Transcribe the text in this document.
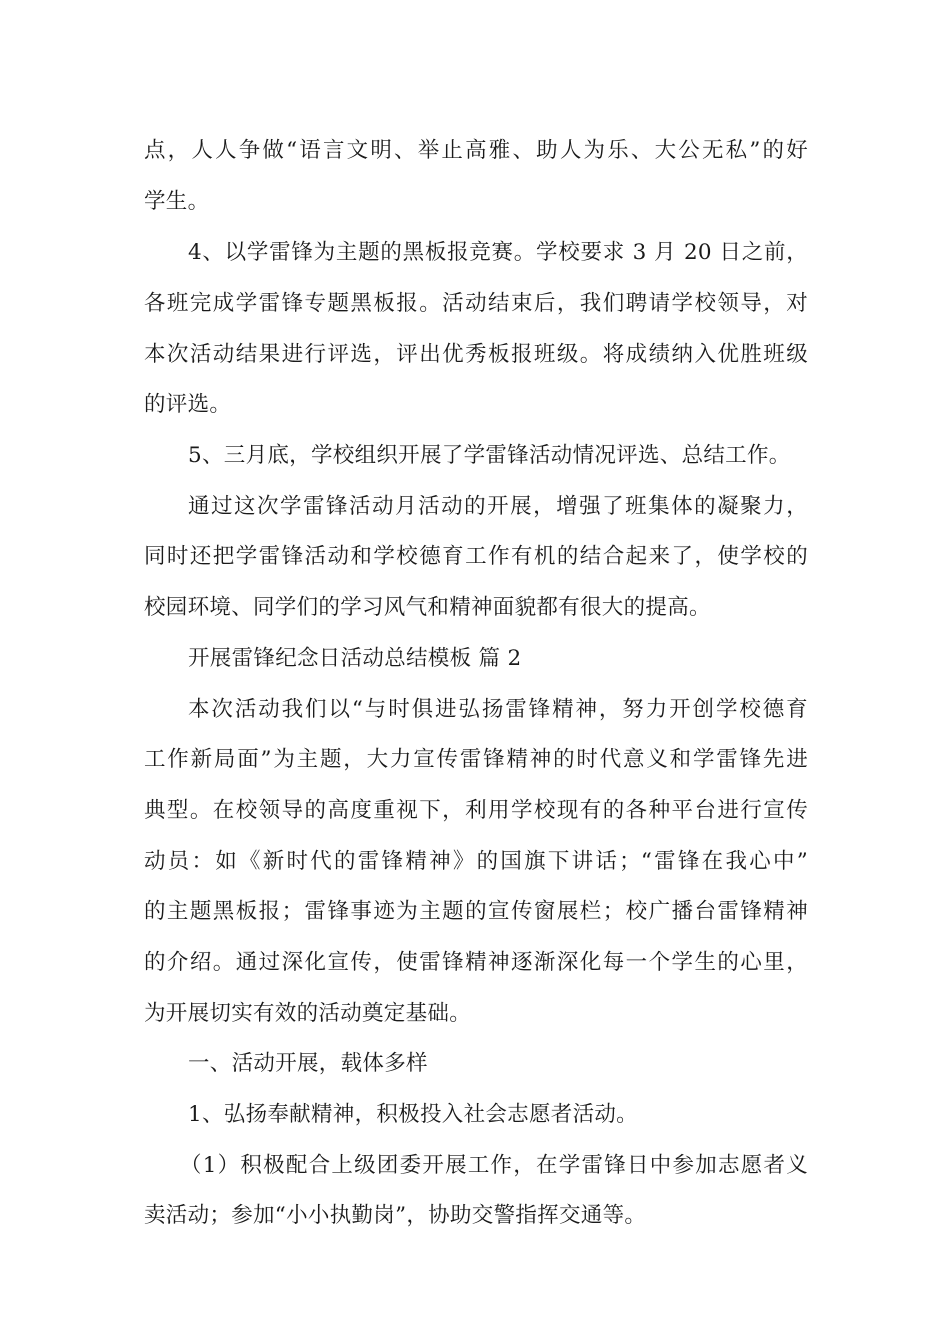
点，人人争做“语言文明、举止高雅、助人为乐、大公无私”的好
学生。
4、以学雷锋为主题的黑板报竞赛。学校要求 3 月 20 日之前，
各班完成学雷锋专题黑板报。活动结束后，我们聘请学校领导，对
本次活动结果进行评选，评出优秀板报班级。将成绩纳入优胜班级
的评选。
5、三月底，学校组织开展了学雷锋活动情况评选、总结工作。
通过这次学雷锋活动月活动的开展，增强了班集体的凝聚力，
同时还把学雷锋活动和学校德育工作有机的结合起来了，使学校的
校园环境、同学们的学习风气和精神面貌都有很大的提高。
开展雷锋纪念日活动总结模板 篇 2
本次活动我们以“与时俱进弘扬雷锋精神，努力开创学校德育
工作新局面”为主题，大力宣传雷锋精神的时代意义和学雷锋先进
典型。在校领导的高度重视下，利用学校现有的各种平台进行宣传
动员：如《新时代的雷锋精神》的国旗下讲话；“雷锋在我心中”
的主题黑板报；雷锋事迹为主题的宣传窗展栏；校广播台雷锋精神
的介绍。通过深化宣传，使雷锋精神逐渐深化每一个学生的心里，
为开展切实有效的活动奠定基础。
一、活动开展，载体多样
1、弘扬奉献精神，积极投入社会志愿者活动。
（1）积极配合上级团委开展工作，在学雷锋日中参加志愿者义
卖活动；参加“小小执勤岗”，协助交警指挥交通等。
